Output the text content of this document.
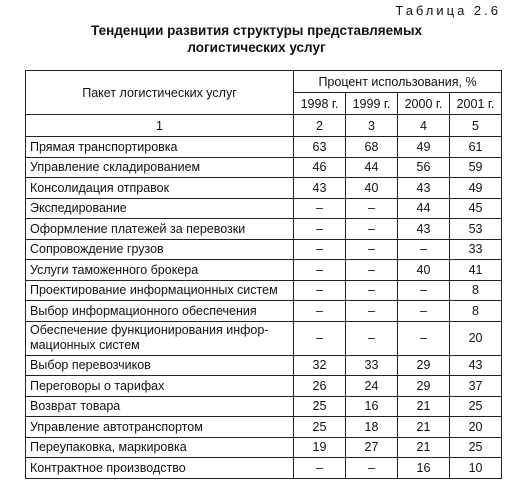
Таблица 2.6
Тенденции развития структуры представляемых
логистических услуг
Пакет логистических услуг	Процент использования, %			
	1998 г.	1999 г.	2000 г.	2001 г.
1	2	3	4	5
Прямая транспортировка	63	68	49	61
Управление складированием	46	44	56	59
Консолидация отправок	43	40	43	49
Экспедирование	–	–	44	45
Оформление платежей за перевозки	–	–	43	53
Сопровождение грузов	–	–	–	33
Услуги таможенного брокера	–	–	40	41
Проектирование информационных систем	–	–	–	8
Выбор информационного обеспечения	–	–	–	8
Обеспечение функционирования инфор-
мационных систем	–	–	–	20
Выбор перевозчиков	32	33	29	43
Переговоры о тарифах	26	24	29	37
Возврат товара	25	16	21	25
Управление автотранспортом	25	18	21	20
Переупаковка, маркировка	19	27	21	25
Контрактное производство	–	–	16	10
